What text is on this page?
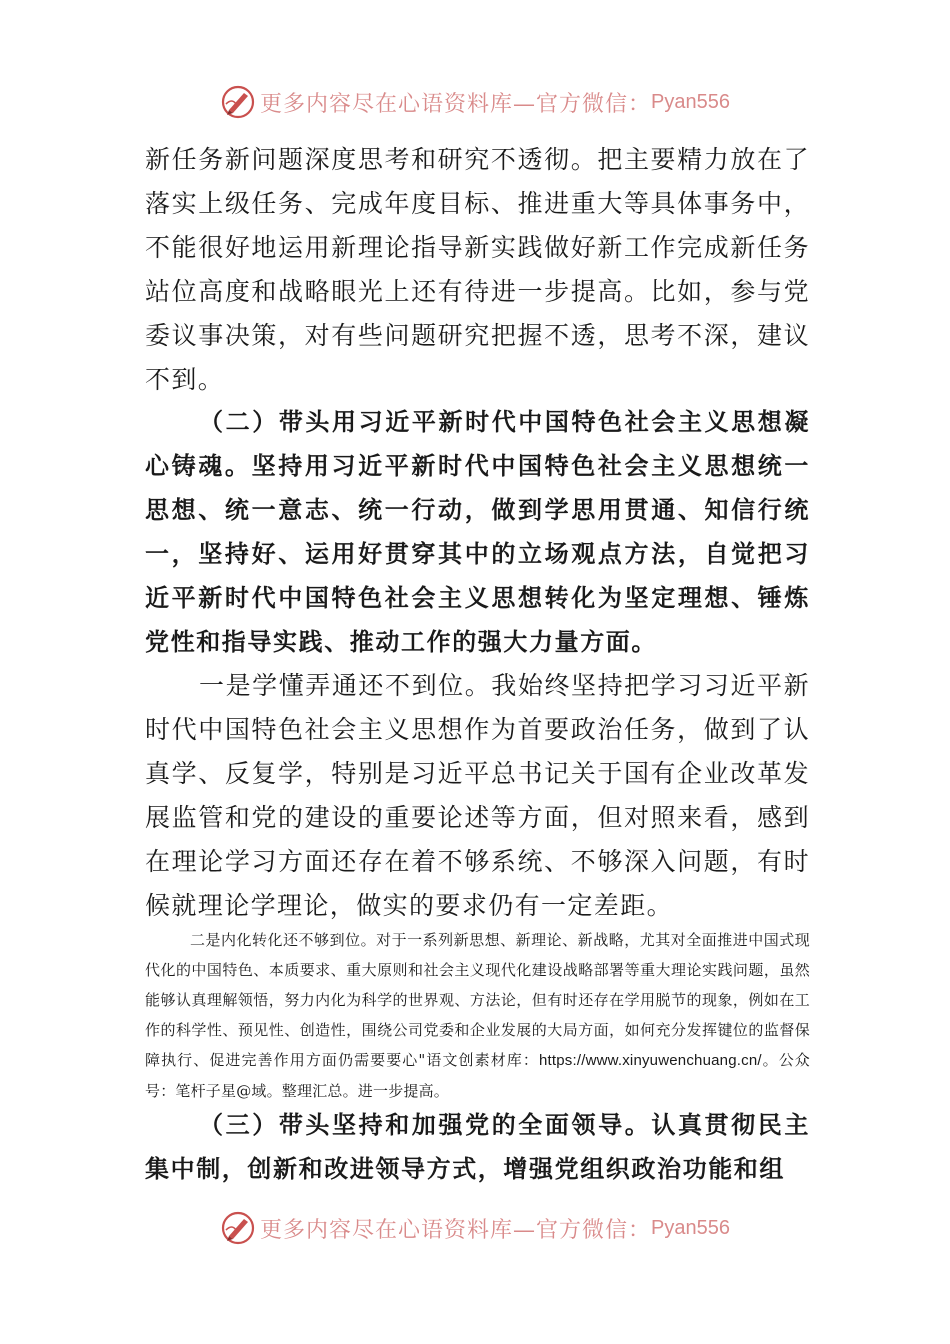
更多内容尽在心语资料库—官方微信： Pyan556

新任务新问题深度思考和研究不透彻。把主要精力放在了落实上级任务、完成年度目标、推进重大等具体事务中，不能很好地运用新理论指导新实践做好新工作完成新任务站位高度和战略眼光上还有待进一步提高。比如，参与党委议事决策，对有些问题研究把握不透，思考不深，建议不到。

（二）带头用习近平新时代中国特色社会主义思想凝心铸魂。坚持用习近平新时代中国特色社会主义思想统一思想、统一意志、统一行动，做到学思用贯通、知信行统一，坚持好、运用好贯穿其中的立场观点方法，自觉把习近平新时代中国特色社会主义思想转化为坚定理想、锤炼党性和指导实践、推动工作的强大力量方面。

一是学懂弄通还不到位。我始终坚持把学习习近平新时代中国特色社会主义思想作为首要政治任务，做到了认真学、反复学，特别是习近平总书记关于国有企业改革发展监管和党的建设的重要论述等方面，但对照来看，感到在理论学习方面还存在着不够系统、不够深入问题，有时候就理论学理论，做实的要求仍有一定差距。

二是内化转化还不够到位。对于一系列新思想、新理论、新战略，尤其对全面推进中国式现代化的中国特色、本质要求、重大原则和社会主义现代化建设战略部署等重大理论实践问题，虽然能够认真理解领悟，努力内化为科学的世界观、方法论，但有时还存在学用脱节的现象，例如在工作的科学性、预见性、创造性，围绕公司党委和企业发展的大局方面，如何充分发挥键位的监督保障执行、促进完善作用方面仍需要要心"语文创素材库：https://www.xinyuwenchuang.cn/。公众号：笔杆子星@域。整理汇总。进一步提高。

（三）带头坚持和加强党的全面领导。认真贯彻民主集中制，创新和改进领导方式，增强党组织政治功能和组

更多内容尽在心语资料库—官方微信： Pyan556
